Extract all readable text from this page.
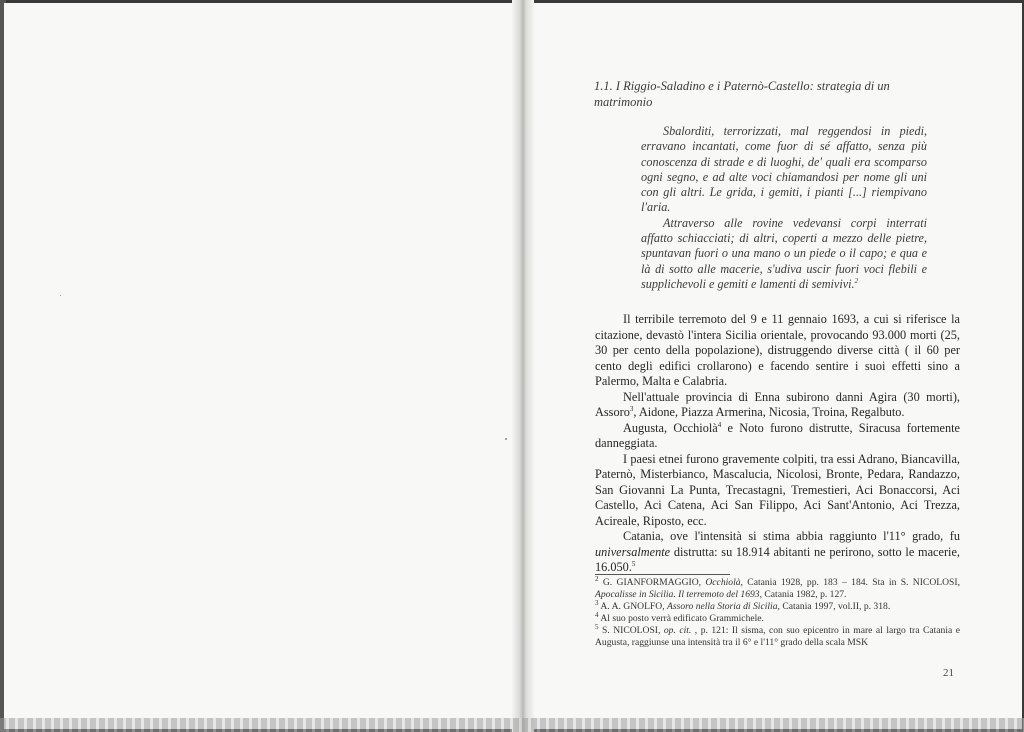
1.1. I Riggio-Saladino e i Paternò-Castello: strategia di un
matrimonio

Sbalorditi, terrorizzati, mal reggendosi in piedi, erravano incantati, come fuor di sé affatto, senza più conoscenza di strade e di luoghi, de' quali era scomparso ogni segno, e ad alte voci chiamandosi per nome gli uni con gli altri. Le grida, i gemiti, i pianti [...] riempivano l'aria.

Attraverso alle rovine vedevansi corpi interrati affatto schiacciati; di altri, coperti a mezzo delle pietre, spuntavan fuori o una mano o un piede o il capo; e qua e là di sotto alle macerie, s'udiva uscir fuori voci flebili e supplichevoli e gemiti e lamenti di semivivi.$^2$

Il terribile terremoto del 9 e 11 gennaio 1693, a cui si riferisce la citazione, devastò l'intera Sicilia orientale, provocando 93.000 morti (25, 30 per cento della popolazione), distruggendo diverse città ( il 60 per cento degli edifici crollarono) e facendo sentire i suoi effetti sino a Palermo, Malta e Calabria.

Nell'attuale provincia di Enna subirono danni Agira (30 morti), Assoro$^3$, Aidone, Piazza Armerina, Nicosia, Troina, Regalbuto.

Augusta, Occhiolà$^4$ e Noto furono distrutte, Siracusa fortemente danneggiata.

I paesi etnei furono gravemente colpiti, tra essi Adrano, Biancavilla, Paternò, Misterbianco, Mascalucia, Nicolosi, Bronte, Pedara, Randazzo, San Giovanni La Punta, Trecastagni, Tremestieri, Aci Bonaccorsi, Aci Castello, Aci Catena, Aci San Filippo, Aci Sant'Antonio, Aci Trezza, Acireale, Riposto, ecc.

Catania, ove l'intensità si stima abbia raggiunto l'11° grado, fu universalmente distrutta: su 18.914 abitanti ne perirono, sotto le macerie, 16.050.$^5$

$^2$ G. GIANFORMAGGIO, Occhiolà, Catania 1928, pp. 183 – 184. Sta in S. NICOLOSI, Apocalisse in Sicilia. Il terremoto del 1693, Catania 1982, p. 127.
$^3$ A. A. GNOLFO, Assoro nella Storia di Sicilia, Catania 1997, vol.II, p. 318.
$^4$ Al suo posto verrà edificato Grammichele.
$^5$ S. NICOLOSI, op. cit. , p. 121: Il sisma, con suo epicentro in mare al largo tra Catania e Augusta, raggiunse una intensità tra il 6° e l'11° grado della scala MSK
21
